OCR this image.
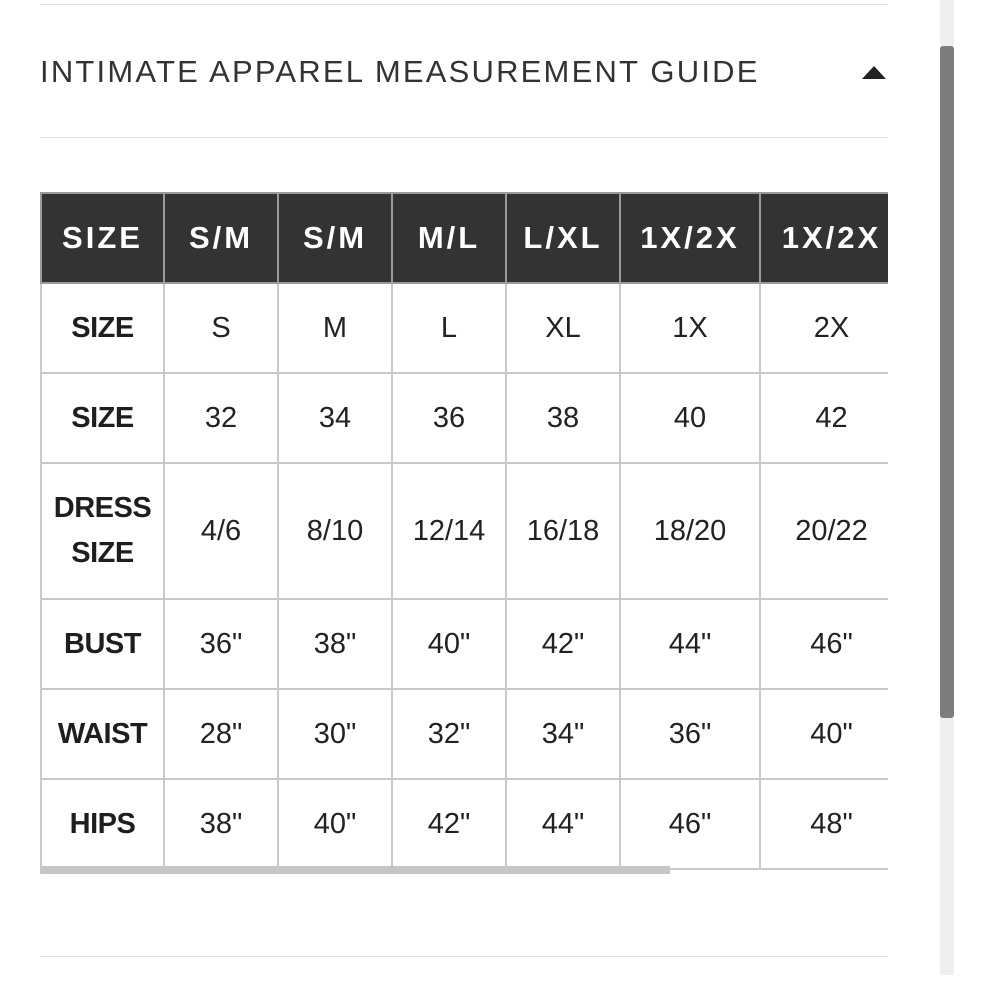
INTIMATE APPAREL MEASUREMENT GUIDE
SIZE	S/M	S/M	M/L	L/XL	1X/2X	1X/2X
SIZE	S	M	L	XL	1X	2X
SIZE	32	34	36	38	40	42
DRESS
SIZE	4/6	8/10	12/14	16/18	18/20	20/22
BUST	36"	38"	40"	42"	44"	46"
WAIST	28"	30"	32"	34"	36"	40"
HIPS	38"	40"	42"	44"	46"	48"
